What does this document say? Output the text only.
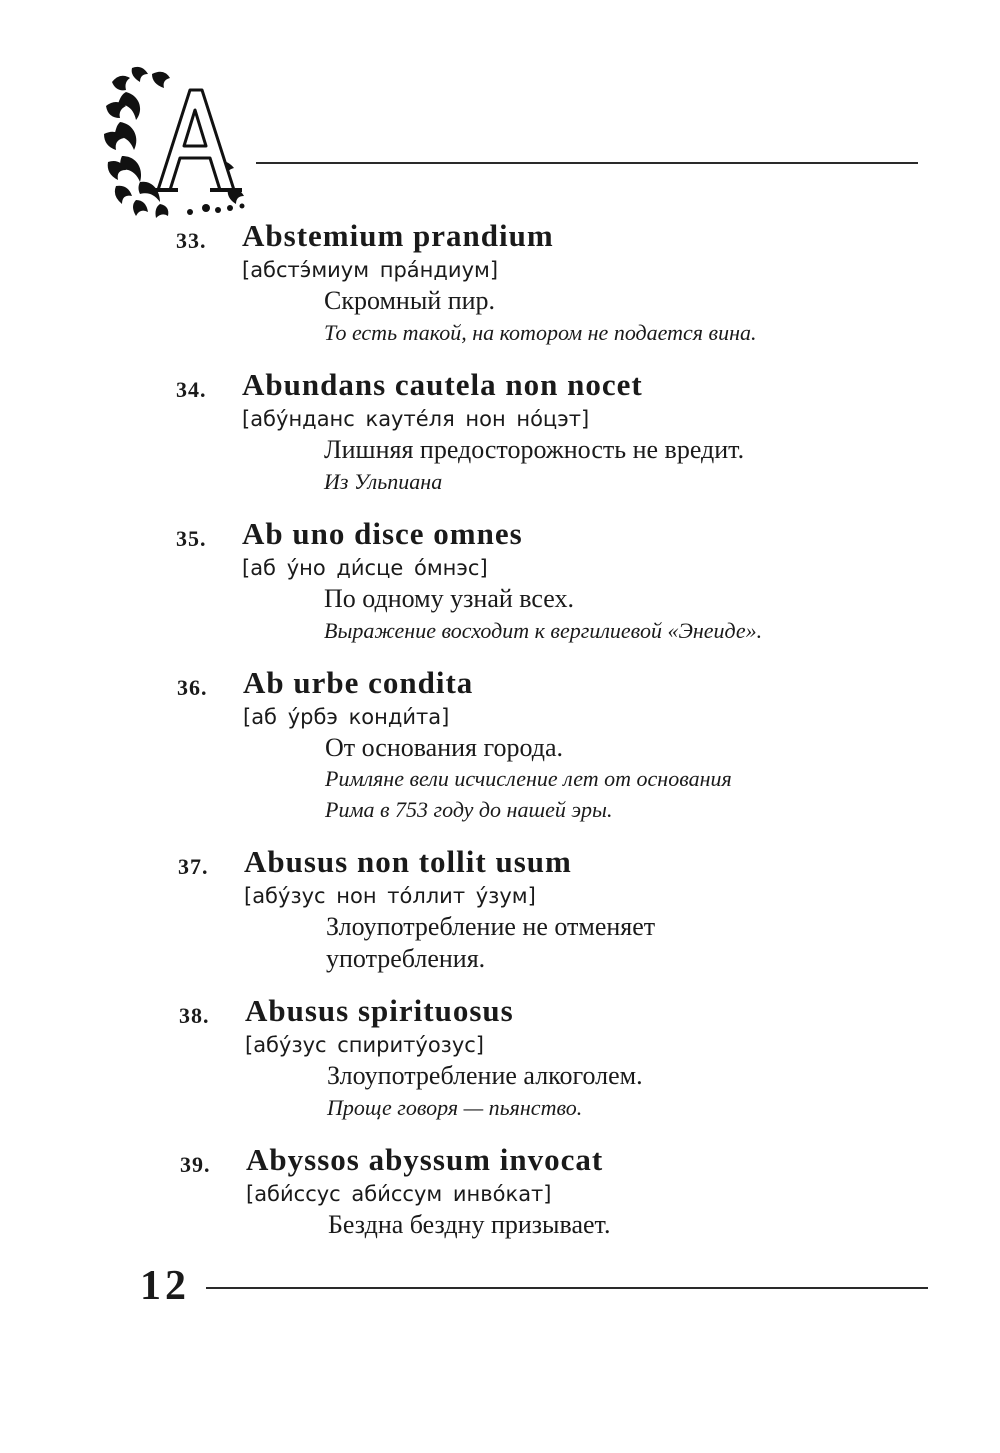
33. Abstemium prandium
[абстэ́миум пра́ндиум]
Скромный пир.
То есть такой, на котором не подается вина.
34. Abundans cautela non nocet
[абу́нданс кауте́ля нон но́цэт]
Лишняя предосторожность не вредит.
Из Ульпиана
35. Ab uno disce omnes
[аб у́но ди́сце о́мнэс]
По одному узнай всех.
Выражение восходит к вергилиевой «Энеиде».
36. Ab urbe condita
[аб у́рбэ конди́та]
От основания города.
Римляне вели исчисление лет от основания
Рима в 753 году до нашей эры.
37. Abusus non tollit usum
[абу́зус нон то́ллит у́зум]
Злоупотребление не отменяет
употребления.
38. Abusus spirituosus
[абу́зус спириту́озус]
Злоупотребление алкоголем.
Проще говоря — пьянство.
39. Abyssos abyssum invocat
[аби́ссус аби́ссум инво́кат]
Бездна бездну призывает.
12
